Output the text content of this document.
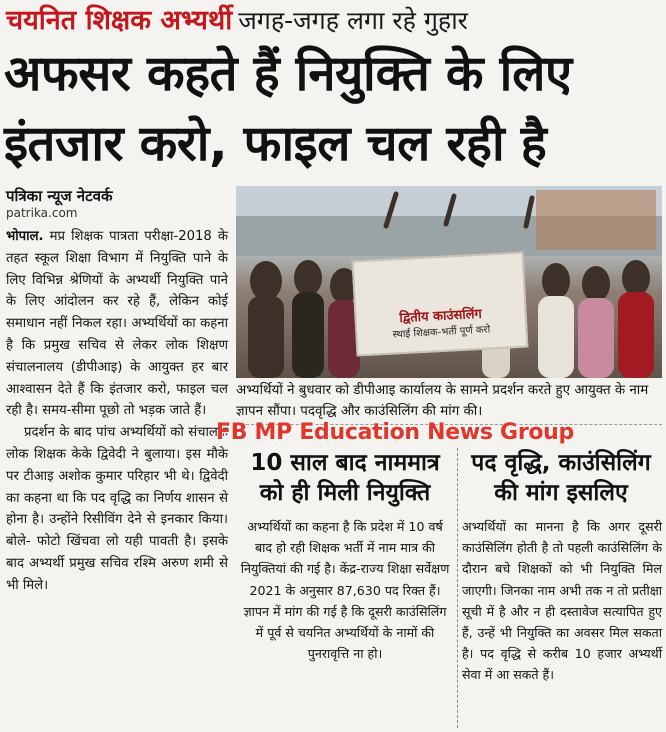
चयनित शिक्षक अभ्यर्थी जगह-जगह लगा रहे गुहार
अफसर कहते हैं नियुक्ति के लिए
इंतजार करो, फाइल चल रही है
पत्रिका न्यूज नेटवर्क
patrika.com

भोपाल. मप्र शिक्षक पात्रता परीक्षा-2018 के तहत स्कूल शिक्षा विभाग में नियुक्ति पाने के लिए विभिन्न श्रेणियों के अभ्यर्थी नियुक्ति पाने के लिए आंदोलन कर रहे हैं, लेकिन कोई समाधान नहीं निकल रहा। अभ्यर्थियों का कहना है कि प्रमुख सचिव से लेकर लोक शिक्षण संचालनालय (डीपीआइ) के आयुक्त हर बार आश्वासन देते हैं कि इंतजार करो, फाइल चल रही है। समय-सीमा पूछो तो भड़क जाते हैं।

प्रदर्शन के बाद पांच अभ्यर्थियों को संचालक लोक शिक्षक केके द्विवेदी ने बुलाया। इस मौके पर टीआइ अशोक कुमार परिहार भी थे। द्विवेदी का कहना था कि पद वृद्धि का निर्णय शासन से होना है। उन्होंने रिसीविंग देने से इनकार किया। बोले- फोटो खिंचवा लो यही पावती है। इसके बाद अभ्यर्थी प्रमुख सचिव रश्मि अरुण शमी से भी मिले।

द्वितीय काउंसलिंग
स्थाई शिक्षक-भर्ती पूर्ण करो
अभ्यर्थियों ने बुधवार को डीपीआइ कार्यालय के सामने प्रदर्शन करते हुए आयुक्त के नाम ज्ञापन सौंपा। पदवृद्धि और काउंसिलिंग की मांग की।
10 साल बाद नाममात्र को ही मिली नियुक्ति
पद वृद्धि, काउंसिलिंग की मांग इसलिए

अभ्यर्थियों का कहना है कि प्रदेश में 10 वर्ष बाद हो रही शिक्षक भर्ती में नाम मात्र की नियुक्तियां की गई है। केंद्र-राज्य शिक्षा सर्वेक्षण 2021 के अनुसार 87,630 पद रिक्त हैं। ज्ञापन में मांग की गई है कि दूसरी काउंसिलिंग में पूर्व से चयनित अभ्यर्थियों के नामों की पुनरावृत्ति ना हो।

अभ्यर्थियों का मानना है कि अगर दूसरी काउंसिलिंग होती है तो पहली काउंसिलिंग के दौरान बचे शिक्षकों को भी नियुक्ति मिल जाएगी। जिनका नाम अभी तक न तो प्रतीक्षा सूची में है और न ही दस्तावेज सत्यापित हुए हैं, उन्हें भी नियुक्ति का अवसर मिल सकता है। पद वृद्धि से करीब 10 हजार अभ्यर्थी सेवा में आ सकते हैं।

FB MP Education News Group
